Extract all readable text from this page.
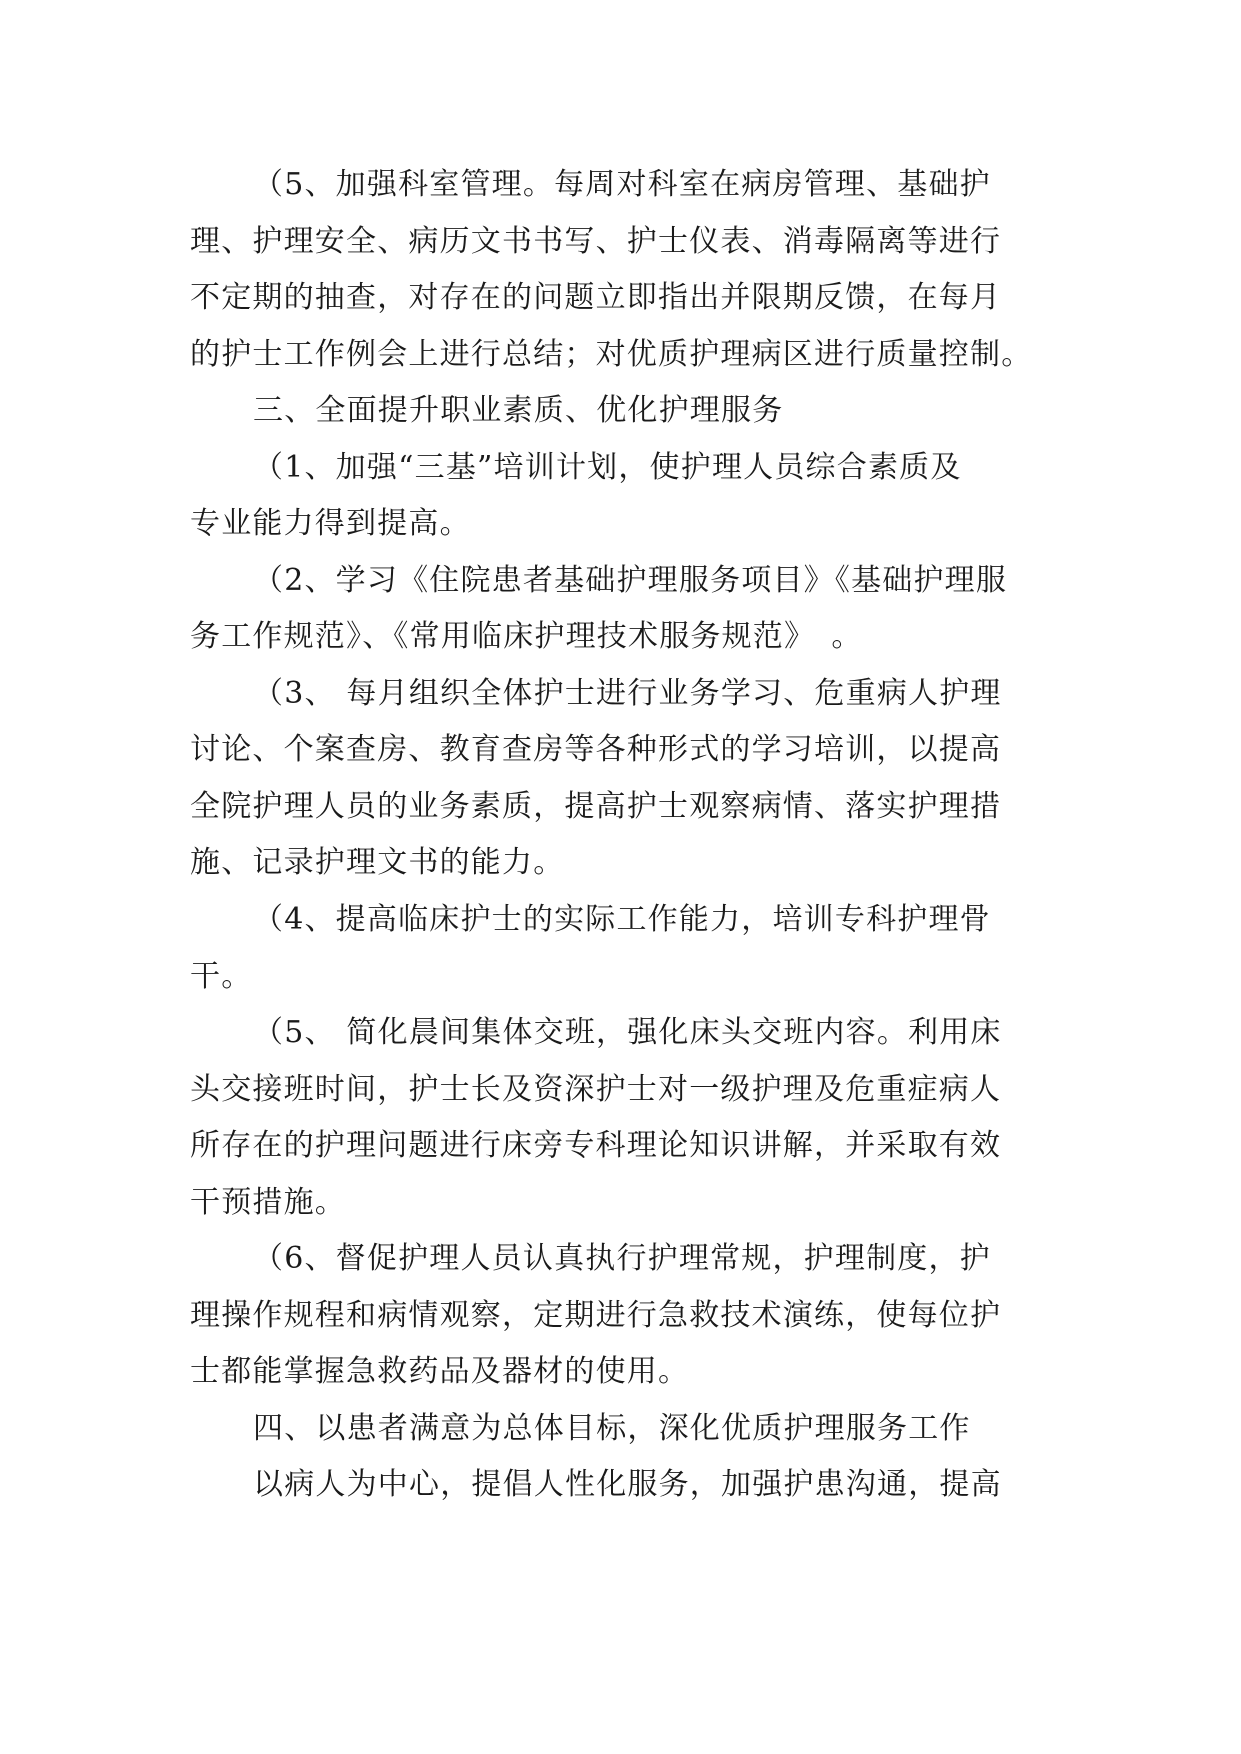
（5、加强科室管理。每周对科室在病房管理、基础护
理、护理安全、病历文书书写、护士仪表、消毒隔离等进行
不定期的抽查，对存在的问题立即指出并限期反馈，在每月
的护士工作例会上进行总结；对优质护理病区进行质量控制。
三、全面提升职业素质、优化护理服务
（1、加强“三基”培训计划，使护理人员综合素质及
专业能力得到提高。
（2、学习《住院患者基础护理服务项目》《基础护理服
务工作规范》、《常用临床护理技术服务规范》　。
（3、 每月组织全体护士进行业务学习、危重病人护理
讨论、个案查房、教育查房等各种形式的学习培训，以提高
全院护理人员的业务素质，提高护士观察病情、落实护理措
施、记录护理文书的能力。
（4、提高临床护士的实际工作能力，培训专科护理骨
干。
（5、 简化晨间集体交班，强化床头交班内容。利用床
头交接班时间，护士长及资深护士对一级护理及危重症病人
所存在的护理问题进行床旁专科理论知识讲解，并采取有效
干预措施。
（6、督促护理人员认真执行护理常规，护理制度，护
理操作规程和病情观察，定期进行急救技术演练，使每位护
士都能掌握急救药品及器材的使用。
四、以患者满意为总体目标，深化优质护理服务工作
以病人为中心，提倡人性化服务，加强护患沟通，提高
